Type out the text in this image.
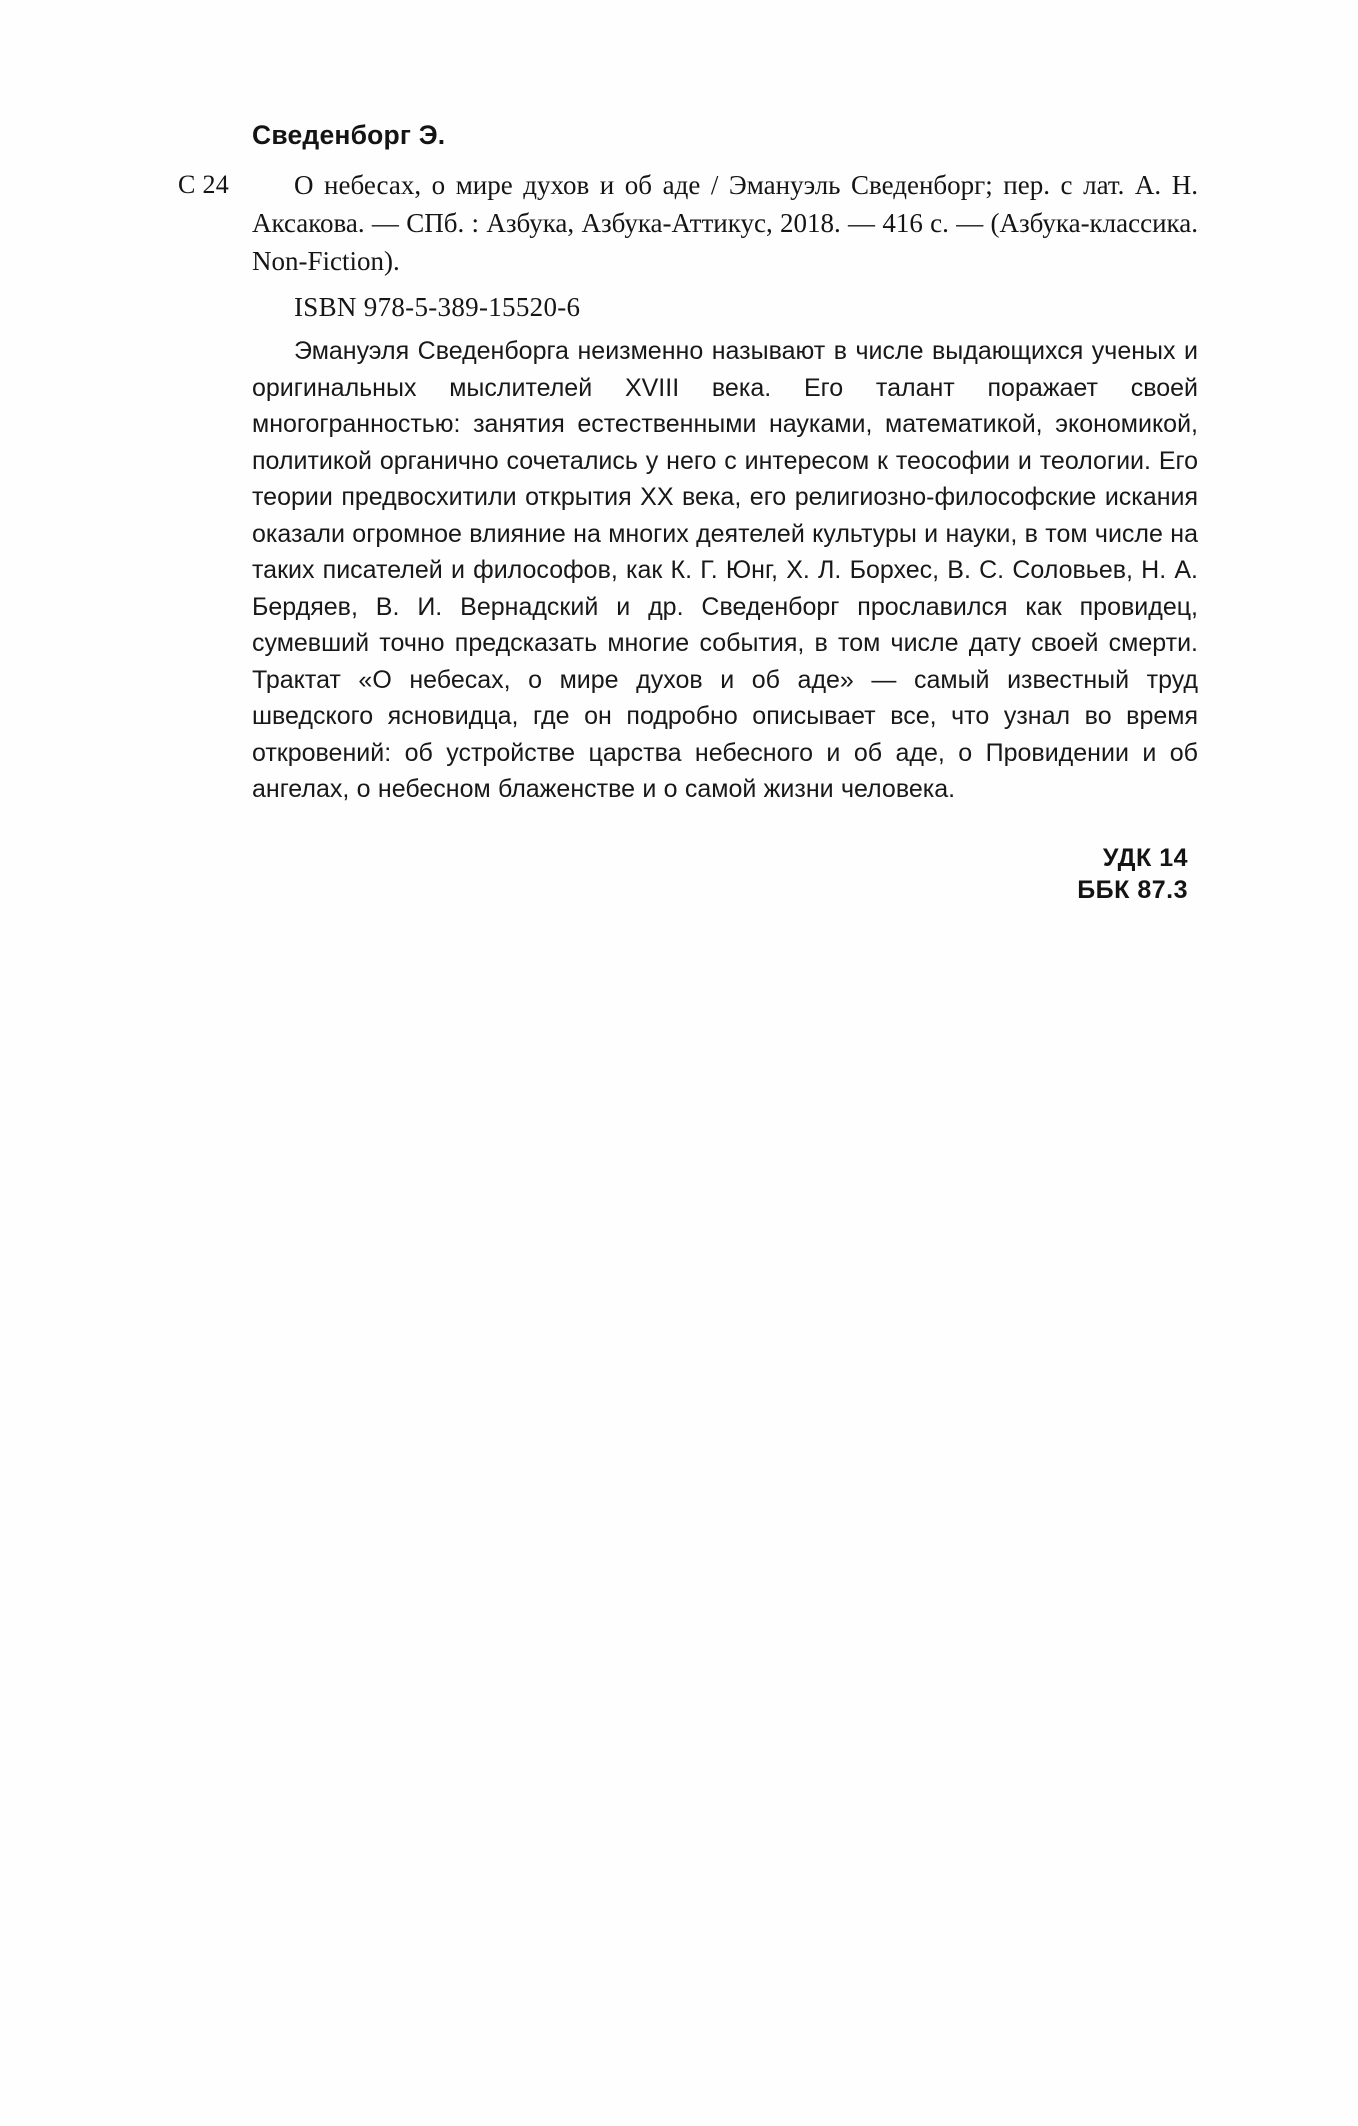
Сведенборг Э.
С 24	О небесах, о мире духов и об аде / Эмануэль Сведенборг; пер. с лат. А. Н. Аксакова. — СПб. : Азбука, Азбука-Аттикус, 2018. — 416 с. — (Азбука-классика. Non-Fiction).
ISBN 978-5-389-15520-6
Эмануэля Сведенборга неизменно называют в числе выдающихся ученых и оригинальных мыслителей XVIII века. Его талант поражает своей многогранностью: занятия естественными науками, математикой, экономикой, политикой органично сочетались у него с интересом к теософии и теологии. Его теории предвосхитили открытия XX века, его религиозно-философские искания оказали огромное влияние на многих деятелей культуры и науки, в том числе на таких писателей и философов, как К. Г. Юнг, Х. Л. Борхес, В. С. Соловьев, Н. А. Бердяев, В. И. Вернадский и др. Сведенборг прославился как провидец, сумевший точно предсказать многие события, в том числе дату своей смерти. Трактат «О небесах, о мире духов и об аде» — самый известный труд шведского ясновидца, где он подробно описывает все, что узнал во время откровений: об устройстве царства небесного и об аде, о Провидении и об ангелах, о небесном блаженстве и о самой жизни человека.
УДК 14
ББК 87.3
